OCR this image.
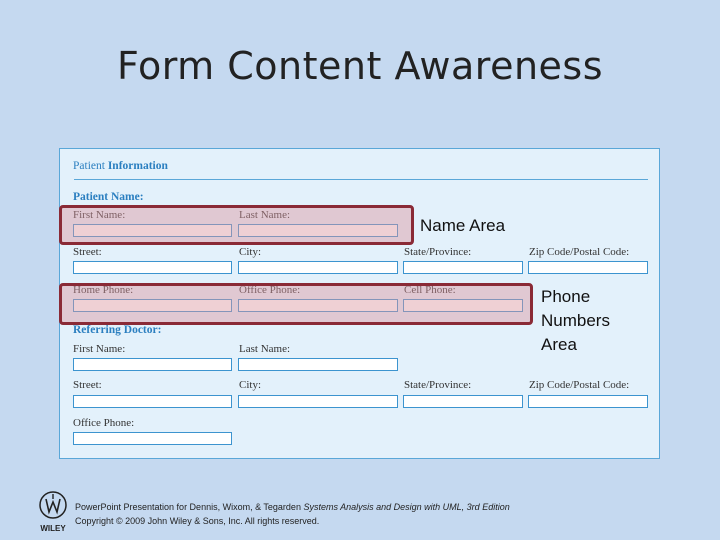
Form Content Awareness
Patient Information
Patient Name:
First Name:	Last Name:
Street:	City:	State/Province:	Zip Code/Postal Code:
Home Phone:	Office Phone:	Cell Phone:
Referring Doctor:
First Name:	Last Name:
Street:	City:	State/Province:	Zip Code/Postal Code:
Office Phone:
Name Area
Phone
Numbers
Area
WILEY
PowerPoint Presentation for Dennis, Wixom, & Tegarden Systems Analysis and Design with UML, 3rd Edition
Copyright © 2009 John Wiley & Sons, Inc. All rights reserved.
